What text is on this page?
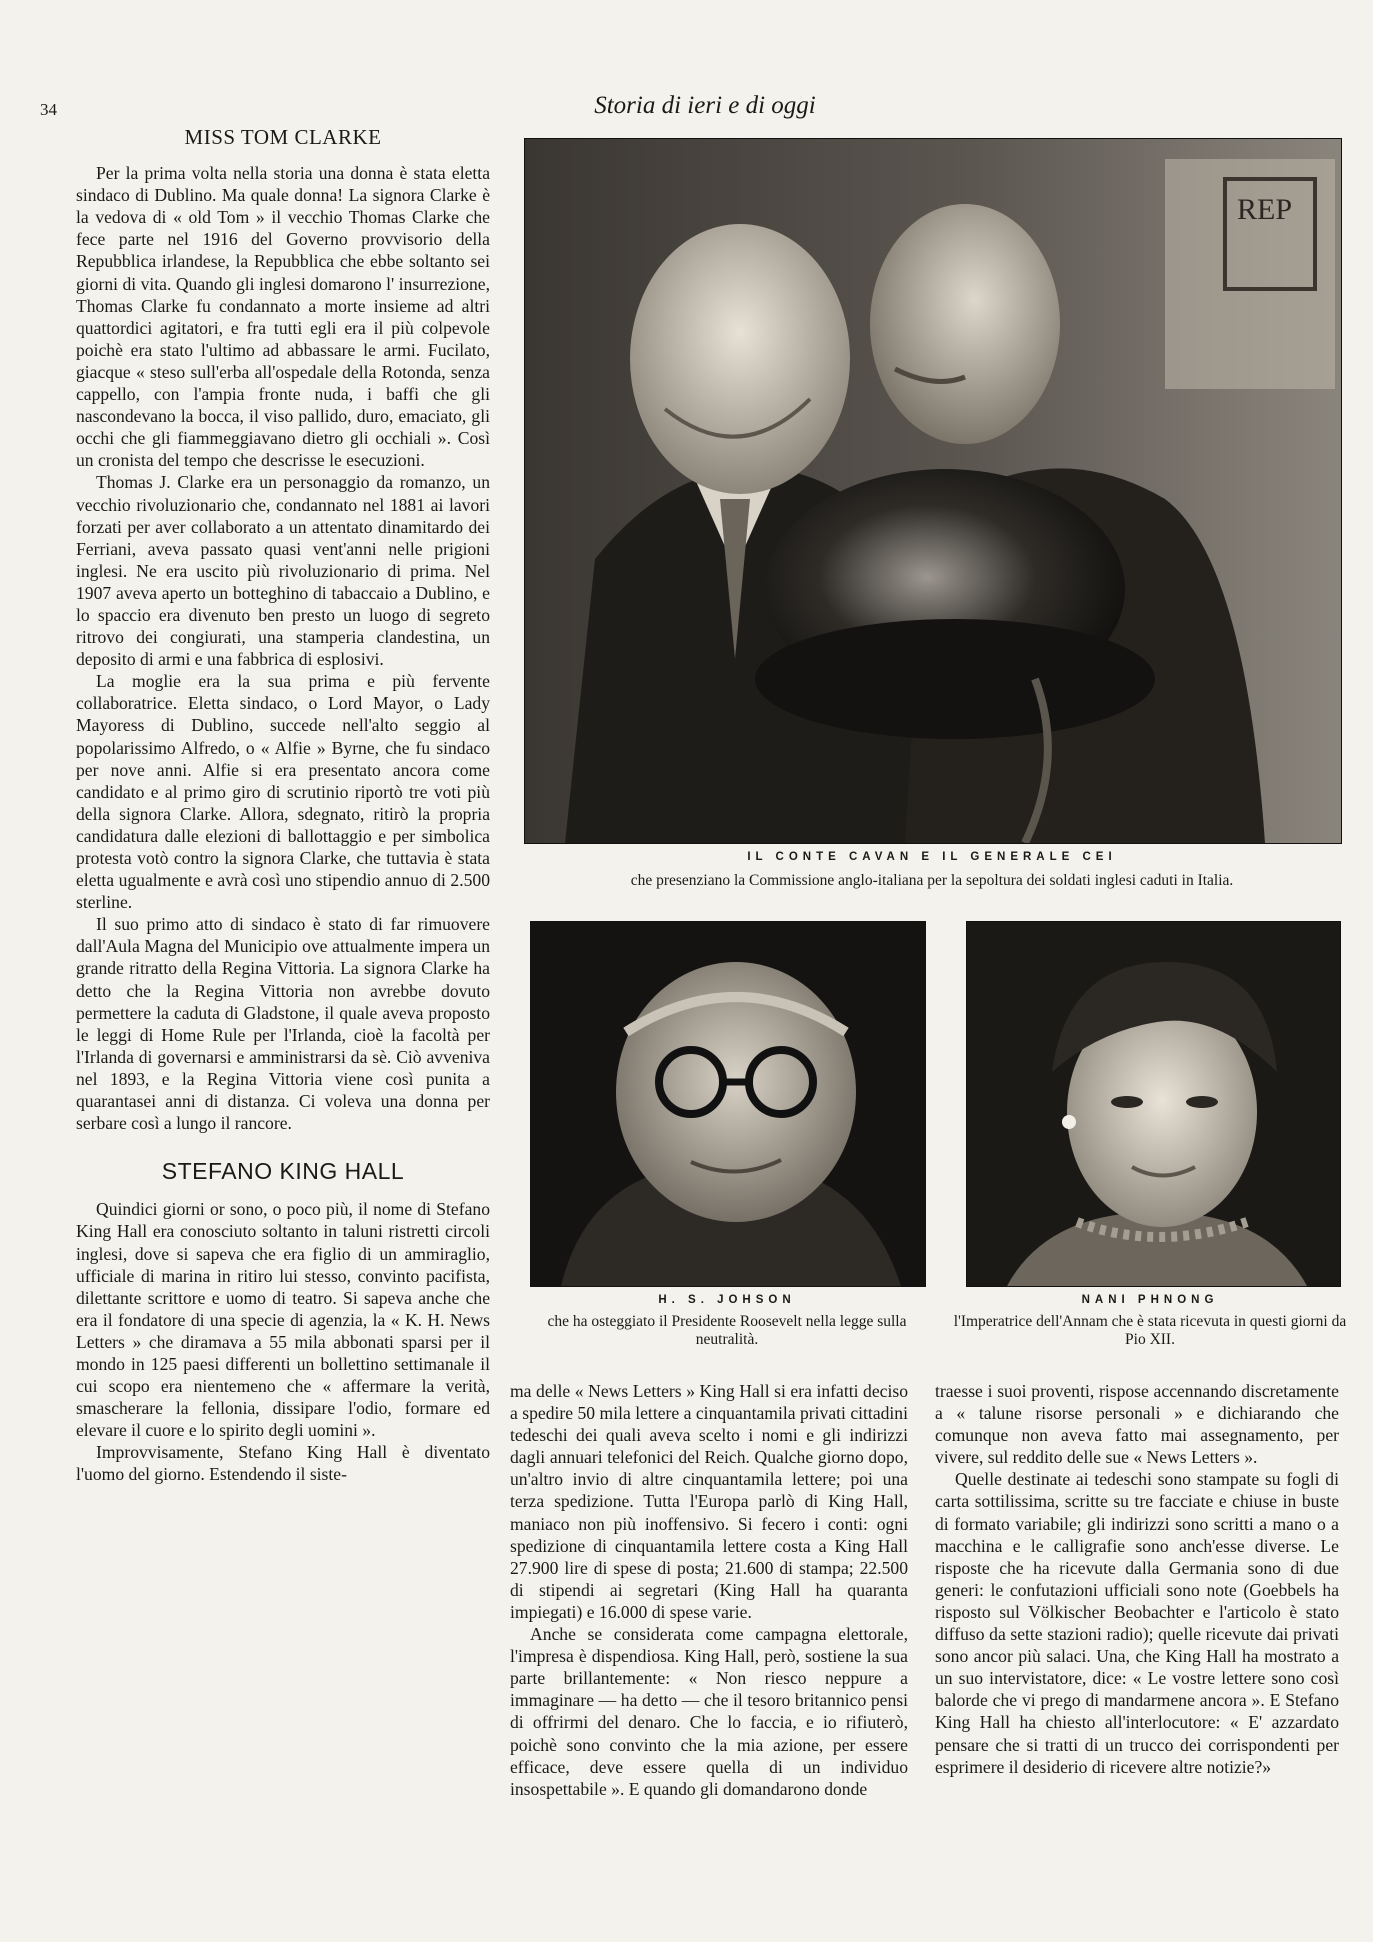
34	Storia di ieri e di oggi
MISS TOM CLARKE

Per la prima volta nella storia una donna è stata eletta sindaco di Dublino. Ma quale donna! La signora Clarke è la vedova di « old Tom » il vecchio Thomas Clarke che fece parte nel 1916 del Governo provvisorio della Repubblica irlandese, la Repubblica che ebbe soltanto sei giorni di vita. Quando gli inglesi domarono l' insurrezione, Thomas Clarke fu condannato a morte insieme ad altri quattordici agitatori, e fra tutti egli era il più colpevole poichè era stato l'ultimo ad abbassare le armi. Fucilato, giacque « steso sull'erba all'ospedale della Rotonda, senza cappello, con l'ampia fronte nuda, i baffi che gli nascondevano la bocca, il viso pallido, duro, emaciato, gli occhi che gli fiammeggiavano dietro gli occhiali ». Così un cronista del tempo che descrisse le esecuzioni.

Thomas J. Clarke era un personaggio da romanzo, un vecchio rivoluzionario che, condannato nel 1881 ai lavori forzati per aver collaborato a un attentato dinamitardo dei Ferriani, aveva passato quasi vent'anni nelle prigioni inglesi. Ne era uscito più rivoluzionario di prima. Nel 1907 aveva aperto un botteghino di tabaccaio a Dublino, e lo spaccio era divenuto ben presto un luogo di segreto ritrovo dei congiurati, una stamperia clandestina, un deposito di armi e una fabbrica di esplosivi.

La moglie era la sua prima e più fervente collaboratrice. Eletta sindaco, o Lord Mayor, o Lady Mayoress di Dublino, succede nell'alto seggio al popolarissimo Alfredo, o « Alfie » Byrne, che fu sindaco per nove anni. Alfie si era presentato ancora come candidato e al primo giro di scrutinio riportò tre voti più della signora Clarke. Allora, sdegnato, ritirò la propria candidatura dalle elezioni di ballottaggio e per simbolica protesta votò contro la signora Clarke, che tuttavia è stata eletta ugualmente e avrà così uno stipendio annuo di 2.500 sterline.

Il suo primo atto di sindaco è stato di far rimuovere dall'Aula Magna del Municipio ove attualmente impera un grande ritratto della Regina Vittoria. La signora Clarke ha detto che la Regina Vittoria non avrebbe dovuto permettere la caduta di Gladstone, il quale aveva proposto le leggi di Home Rule per l'Irlanda, cioè la facoltà per l'Irlanda di governarsi e amministrarsi da sè. Ciò avveniva nel 1893, e la Regina Vittoria viene così punita a quarantasei anni di distanza. Ci voleva una donna per serbare così a lungo il rancore.

STEFANO KING HALL

Quindici giorni or sono, o poco più, il nome di Stefano King Hall era conosciuto soltanto in taluni ristretti circoli inglesi, dove si sapeva che era figlio di un ammiraglio, ufficiale di marina in ritiro lui stesso, convinto pacifista, dilettante scrittore e uomo di teatro. Si sapeva anche che era il fondatore di una specie di agenzia, la « K. H. News Letters » che diramava a 55 mila abbonati sparsi per il mondo in 125 paesi differenti un bollettino settimanale il cui scopo era nientemeno che « affermare la verità, smascherare la fellonia, dissipare l'odio, formare ed elevare il cuore e lo spirito degli uomini ».

Improvvisamente, Stefano King Hall è diventato l'uomo del giorno. Estendendo il siste-

REP
IL CONTE CAVAN E IL GENERALE CEI
che presenziano la Commissione anglo-italiana per la sepoltura dei soldati inglesi caduti in Italia.
H. S. JOHSON
che ha osteggiato il Presidente Roosevelt nella legge sulla neutralità.
NANI PHNONG
l'Imperatrice dell'Annam che è stata ricevuta in questi giorni da Pio XII.

ma delle « News Letters » King Hall si era infatti deciso a spedire 50 mila lettere a cinquantamila privati cittadini tedeschi dei quali aveva scelto i nomi e gli indirizzi dagli annuari telefonici del Reich. Qualche giorno dopo, un'altro invio di altre cinquantamila lettere; poi una terza spedizione. Tutta l'Europa parlò di King Hall, maniaco non più inoffensivo. Si fecero i conti: ogni spedizione di cinquantamila lettere costa a King Hall 27.900 lire di spese di posta; 21.600 di stampa; 22.500 di stipendi ai segretari (King Hall ha quaranta impiegati) e 16.000 di spese varie.

Anche se considerata come campagna elettorale, l'impresa è dispendiosa. King Hall, però, sostiene la sua parte brillantemente: « Non riesco neppure a immaginare — ha detto — che il tesoro britannico pensi di offrirmi del denaro. Che lo faccia, e io rifiuterò, poichè sono convinto che la mia azione, per essere efficace, deve essere quella di un individuo insospettabile ». E quando gli domandarono donde

traesse i suoi proventi, rispose accennando discretamente a « talune risorse personali » e dichiarando che comunque non aveva fatto mai assegnamento, per vivere, sul reddito delle sue « News Letters ».

Quelle destinate ai tedeschi sono stampate su fogli di carta sottilissima, scritte su tre facciate e chiuse in buste di formato variabile; gli indirizzi sono scritti a mano o a macchina e le calligrafie sono anch'esse diverse. Le risposte che ha ricevute dalla Germania sono di due generi: le confutazioni ufficiali sono note (Goebbels ha risposto sul Völkischer Beobachter e l'articolo è stato diffuso da sette stazioni radio); quelle ricevute dai privati sono ancor più salaci. Una, che King Hall ha mostrato a un suo intervistatore, dice: « Le vostre lettere sono così balorde che vi prego di mandarmene ancora ». E Stefano King Hall ha chiesto all'interlocutore: « E' azzardato pensare che si tratti di un trucco dei corrispondenti per esprimere il desiderio di ricevere altre notizie?»
